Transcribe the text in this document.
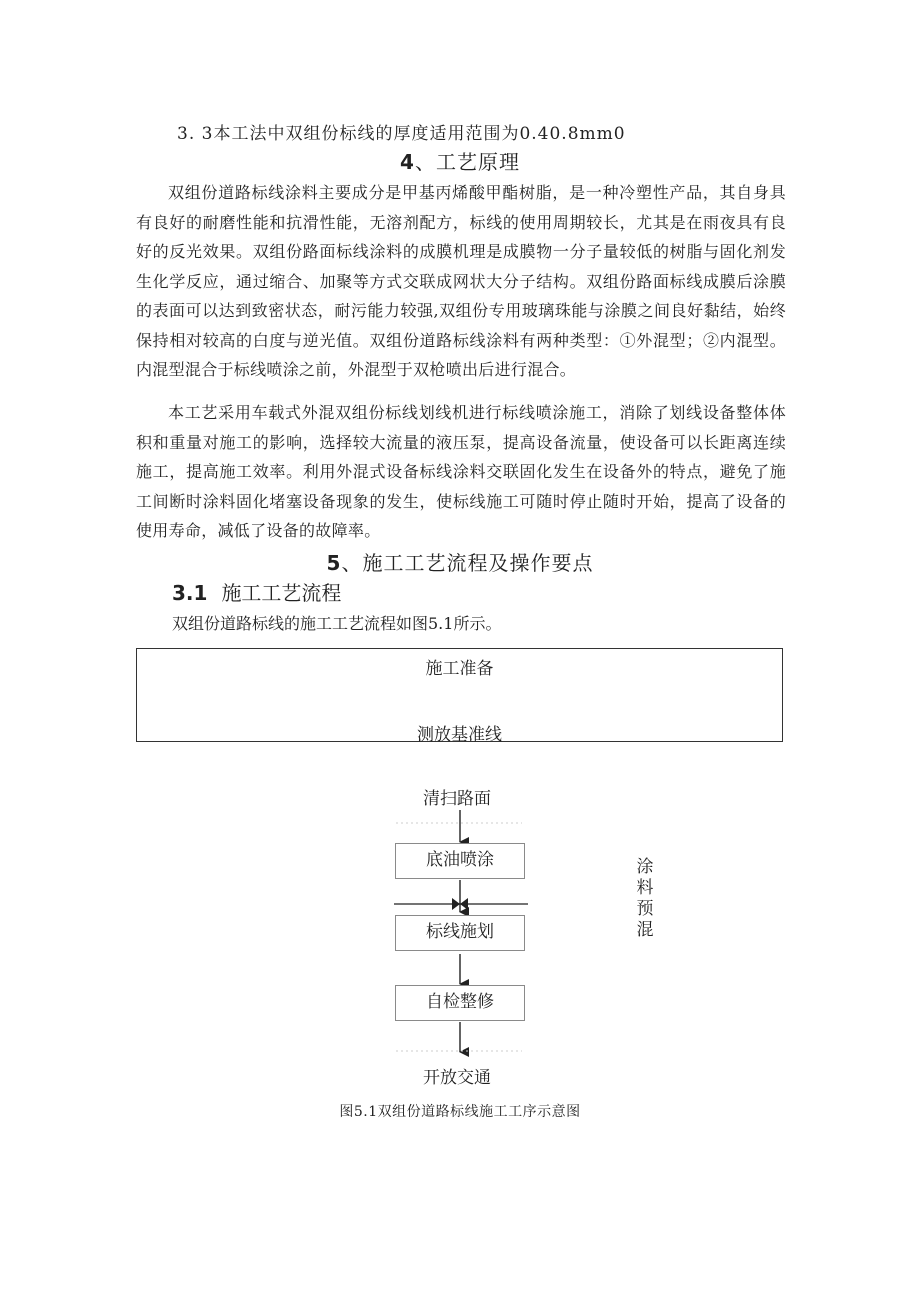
3. 3本工法中双组份标线的厚度适用范围为0.40.8mm0
4、工艺原理

双组份道路标线涂料主要成分是甲基丙烯酸甲酯树脂，是一种冷塑性产品，其自身具有良好的耐磨性能和抗滑性能，无溶剂配方，标线的使用周期较长，尤其是在雨夜具有良好的反光效果。双组份路面标线涂料的成膜机理是成膜物一分子量较低的树脂与固化剂发生化学反应，通过缩合、加聚等方式交联成网状大分子结构。双组份路面标线成膜后涂膜的表面可以达到致密状态，耐污能力较强,双组份专用玻璃珠能与涂膜之间良好黏结，始终保持相对较高的白度与逆光值。双组份道路标线涂料有两种类型：①外混型；②内混型。内混型混合于标线喷涂之前，外混型于双枪喷出后进行混合。

本工艺采用车载式外混双组份标线划线机进行标线喷涂施工，消除了划线设备整体体积和重量对施工的影响，选择较大流量的液压泵，提高设备流量，使设备可以长距离连续施工，提高施工效率。利用外混式设备标线涂料交联固化发生在设备外的特点，避免了施工间断时涂料固化堵塞设备现象的发生，使标线施工可随时停止随时开始，提高了设备的使用寿命，减低了设备的故障率。

5、施工工艺流程及操作要点
3.1 施工工艺流程
双组份道路标线的施工工艺流程如图5.1所示。
施工准备
测放基准线
清扫路面
底油喷涂
标线施划
自检整修
开放交通
涂料预混
图5.1双组份道路标线施工工序示意图
